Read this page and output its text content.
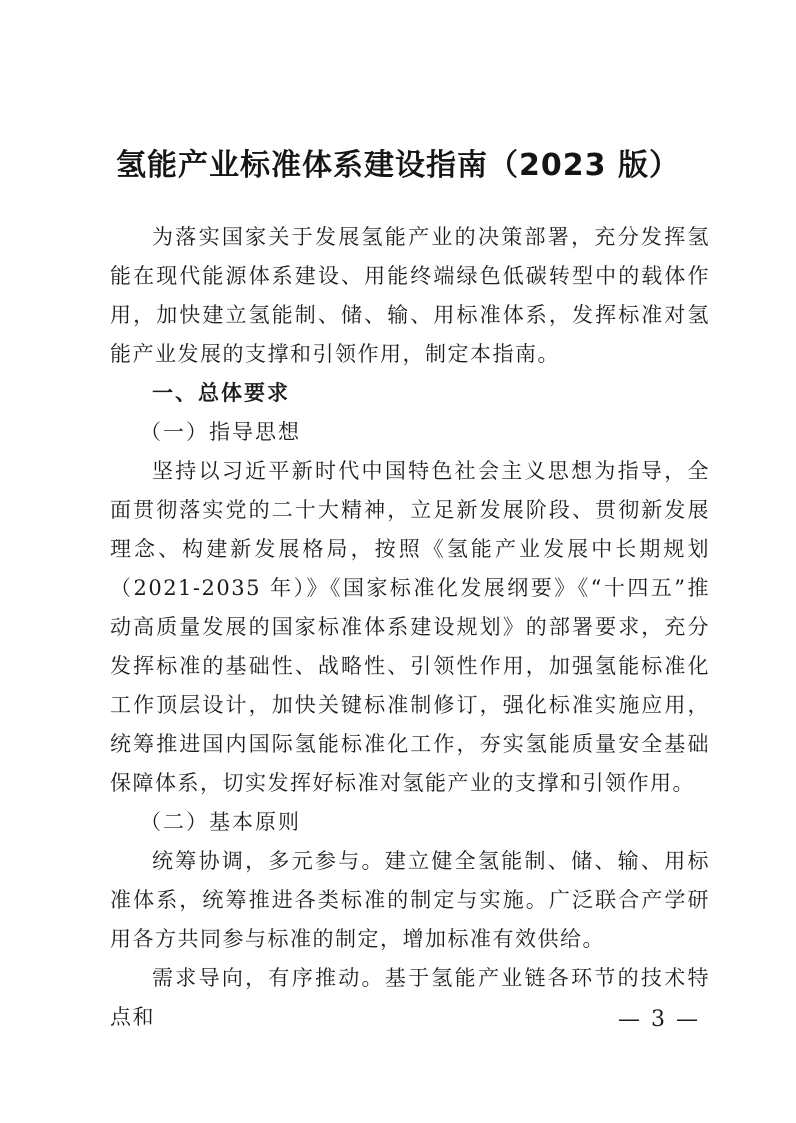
氢能产业标准体系建设指南（2023 版）

为落实国家关于发展氢能产业的决策部署，充分发挥氢能在现代能源体系建设、用能终端绿色低碳转型中的载体作用，加快建立氢能制、储、输、用标准体系，发挥标准对氢能产业发展的支撑和引领作用，制定本指南。

一、总体要求

（一）指导思想

坚持以习近平新时代中国特色社会主义思想为指导，全面贯彻落实党的二十大精神，立足新发展阶段、贯彻新发展理念、构建新发展格局，按照《氢能产业发展中长期规划（2021-2035 年）》《国家标准化发展纲要》《“十四五”推动高质量发展的国家标准体系建设规划》的部署要求，充分发挥标准的基础性、战略性、引领性作用，加强氢能标准化工作顶层设计，加快关键标准制修订，强化标准实施应用，统筹推进国内国际氢能标准化工作，夯实氢能质量安全基础保障体系，切实发挥好标准对氢能产业的支撑和引领作用。

（二）基本原则

统筹协调，多元参与。建立健全氢能制、储、输、用标准体系，统筹推进各类标准的制定与实施。广泛联合产学研用各方共同参与标准的制定，增加标准有效供给。

需求导向，有序推动。基于氢能产业链各环节的技术特点和	— 3 —
